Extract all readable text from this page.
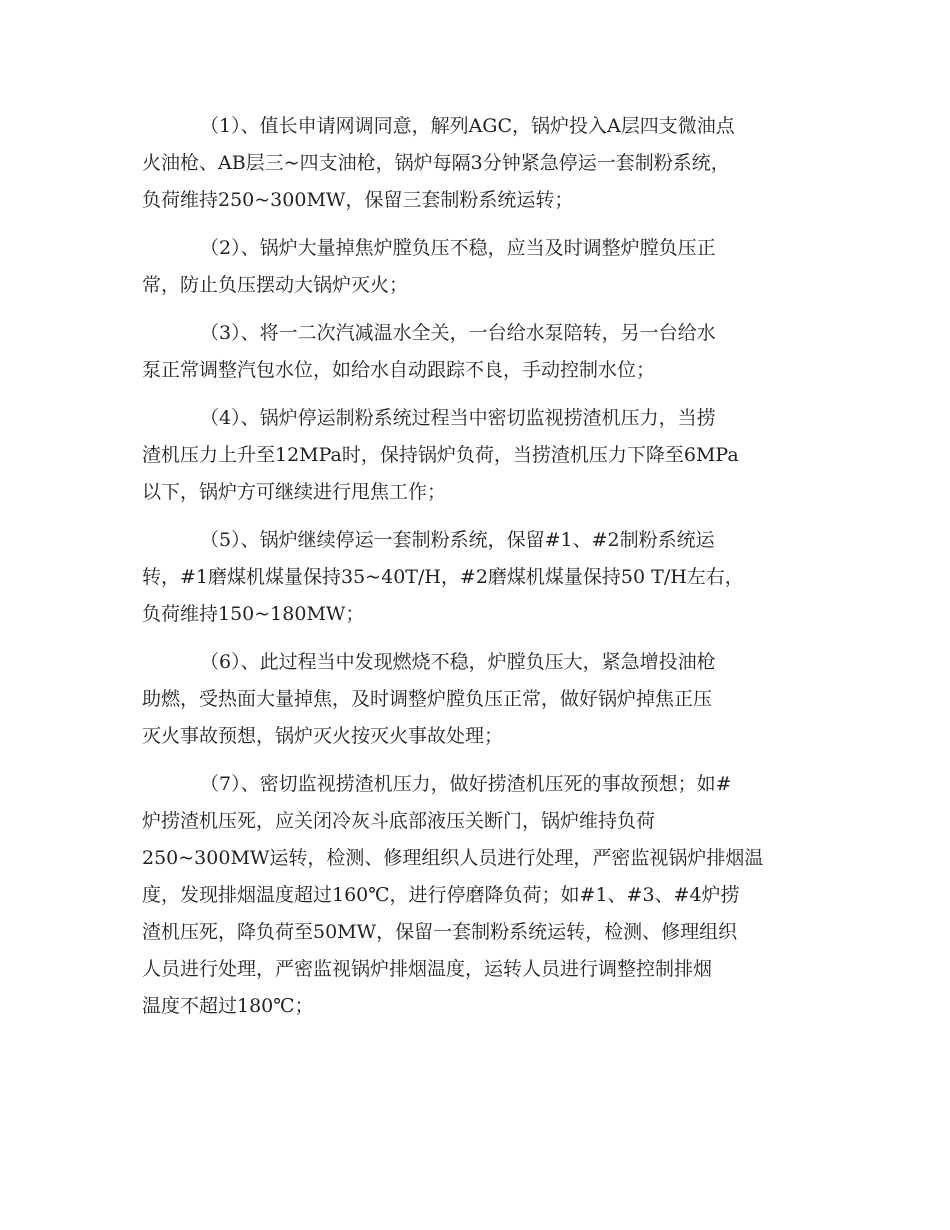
（1）、值长申请网调同意，解列AGC，锅炉投入A层四支微油点
火油枪、AB层三~四支油枪，锅炉每隔3分钟紧急停运一套制粉系统，
负荷维持250~300MW，保留三套制粉系统运转；

（2）、锅炉大量掉焦炉膛负压不稳，应当及时调整炉膛负压正
常，防止负压摆动大锅炉灭火；

（3）、将一二次汽减温水全关，一台给水泵陪转，另一台给水
泵正常调整汽包水位，如给水自动跟踪不良，手动控制水位；

（4）、锅炉停运制粉系统过程当中密切监视捞渣机压力，当捞
渣机压力上升至12MPa时，保持锅炉负荷，当捞渣机压力下降至6MPa
以下，锅炉方可继续进行甩焦工作；

（5）、锅炉继续停运一套制粉系统，保留#1、#2制粉系统运
转，#1磨煤机煤量保持35~40T/H，#2磨煤机煤量保持50 T/H左右，
负荷维持150~180MW；

（6）、此过程当中发现燃烧不稳，炉膛负压大，紧急增投油枪
助燃，受热面大量掉焦，及时调整炉膛负压正常，做好锅炉掉焦正压
灭火事故预想，锅炉灭火按灭火事故处理；

（7）、密切监视捞渣机压力，做好捞渣机压死的事故预想；如#
炉捞渣机压死，应关闭冷灰斗底部液压关断门，锅炉维持负荷
250~300MW运转，检测、修理组织人员进行处理，严密监视锅炉排烟温
度，发现排烟温度超过160℃，进行停磨降负荷；如#1、#3、#4炉捞
渣机压死，降负荷至50MW，保留一套制粉系统运转，检测、修理组织
人员进行处理，严密监视锅炉排烟温度，运转人员进行调整控制排烟
温度不超过180℃；
